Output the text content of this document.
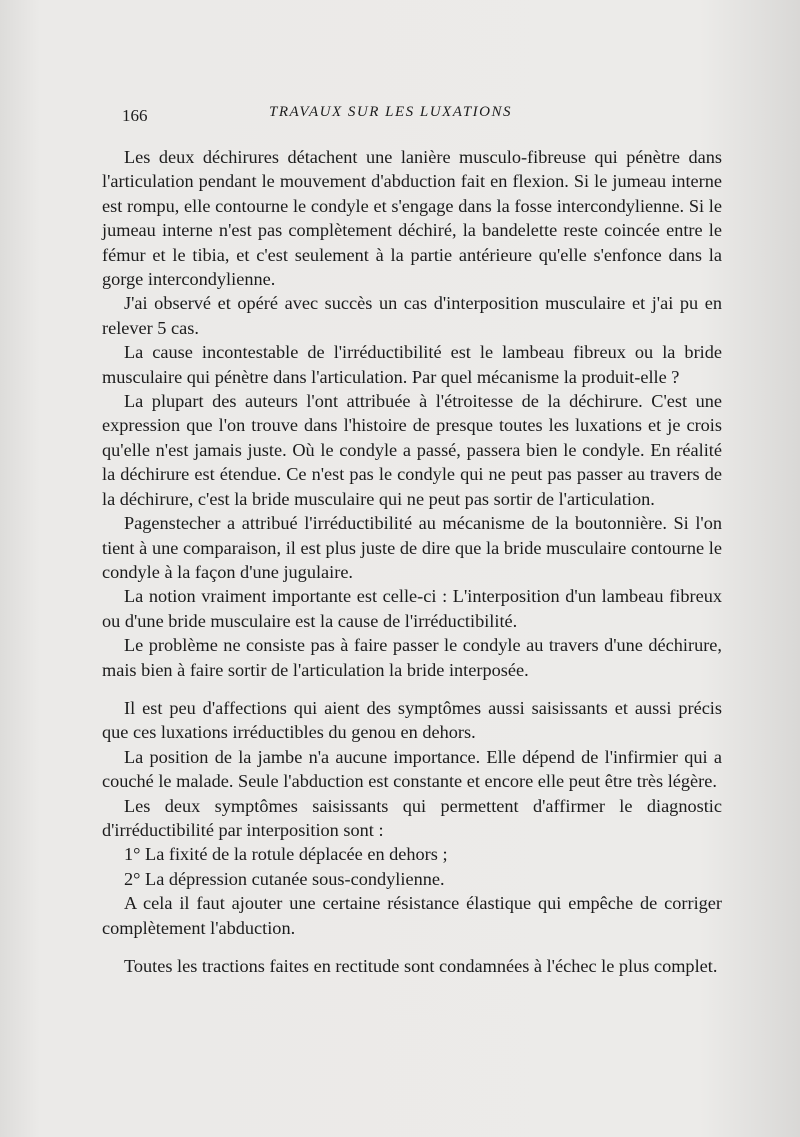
166	TRAVAUX SUR LES LUXATIONS

Les deux déchirures détachent une lanière musculo-fibreuse qui pénètre dans l'articulation pendant le mouvement d'abduction fait en flexion. Si le jumeau interne est rompu, elle contourne le condyle et s'engage dans la fosse intercondylienne. Si le jumeau interne n'est pas complètement déchiré, la bandelette reste coincée entre le fémur et le tibia, et c'est seulement à la partie antérieure qu'elle s'enfonce dans la gorge intercondylienne.

J'ai observé et opéré avec succès un cas d'interposition musculaire et j'ai pu en relever 5 cas.

La cause incontestable de l'irréductibilité est le lambeau fibreux ou la bride musculaire qui pénètre dans l'articulation. Par quel mécanisme la produit-elle ?

La plupart des auteurs l'ont attribuée à l'étroitesse de la déchirure. C'est une expression que l'on trouve dans l'histoire de presque toutes les luxations et je crois qu'elle n'est jamais juste. Où le condyle a passé, passera bien le condyle. En réalité la déchirure est étendue. Ce n'est pas le condyle qui ne peut pas passer au travers de la déchirure, c'est la bride musculaire qui ne peut pas sortir de l'articulation.

Pagenstecher a attribué l'irréductibilité au mécanisme de la boutonnière. Si l'on tient à une comparaison, il est plus juste de dire que la bride musculaire contourne le condyle à la façon d'une jugulaire.

La notion vraiment importante est celle-ci : L'interposition d'un lambeau fibreux ou d'une bride musculaire est la cause de l'irréductibilité.

Le problème ne consiste pas à faire passer le condyle au travers d'une déchirure, mais bien à faire sortir de l'articulation la bride interposée.

Il est peu d'affections qui aient des symptômes aussi saisissants et aussi précis que ces luxations irréductibles du genou en dehors.

La position de la jambe n'a aucune importance. Elle dépend de l'infirmier qui a couché le malade. Seule l'abduction est constante et encore elle peut être très légère.

Les deux symptômes saisissants qui permettent d'affirmer le diagnostic d'irréductibilité par interposition sont :

1° La fixité de la rotule déplacée en dehors ;

2° La dépression cutanée sous-condylienne.

A cela il faut ajouter une certaine résistance élastique qui empêche de corriger complètement l'abduction.

Toutes les tractions faites en rectitude sont condamnées à l'échec le plus complet.
